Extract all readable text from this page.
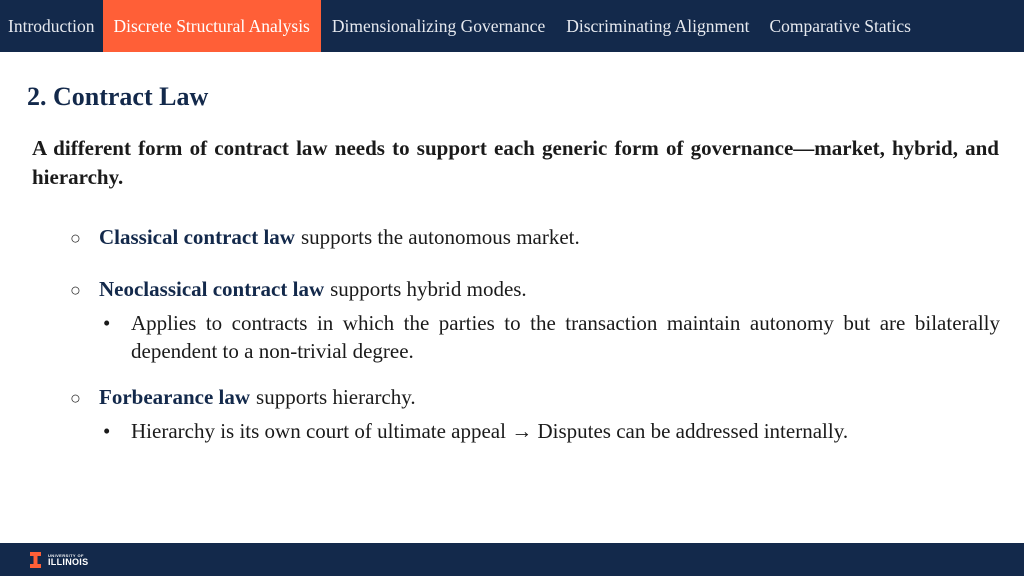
Introduction	Discrete Structural Analysis	Dimensionalizing Governance	Discriminating Alignment	Comparative Statics
2. Contract Law

A different form of contract law needs to support each generic form of governance—market, hybrid, and hierarchy.

○ Classical contract law supports the autonomous market.
○ Neoclassical contract law supports hybrid modes.
• Applies to contracts in which the parties to the transaction maintain autonomy but are bilaterally dependent to a non-trivial degree.
○ Forbearance law supports hierarchy.
• Hierarchy is its own court of ultimate appeal → Disputes can be addressed internally.
UNIVERSITY OF
ILLINOIS
